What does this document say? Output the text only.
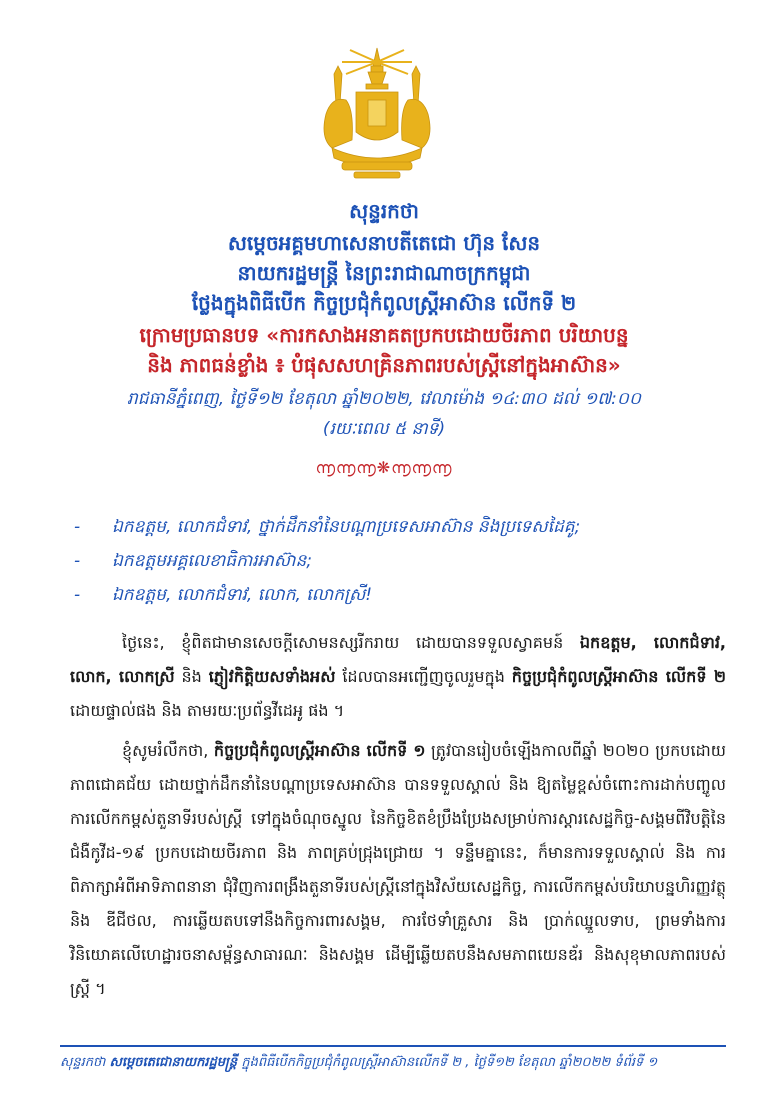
សុន្ទរកថា
សម្តេចអគ្គមហាសេនាបតីតេជោ ហ៊ុន សែន
នាយករដ្ឋមន្ត្រី នៃព្រះរាជាណាចក្រកម្ពុជា
ថ្លែងក្នុងពិធីបើក កិច្ចប្រជុំកំពូលស្ត្រីអាស៊ាន លើកទី ២
ក្រោមប្រធានបទ «ការកសាងអនាគតប្រកបដោយចីរភាព បរិយាបន្ន
និង ភាពធន់ខ្លាំង ៖ បំផុសសហគ្រិនភាពរបស់ស្ត្រីនៅក្នុងអាស៊ាន»
រាជធានីភ្នំពេញ, ថ្ងៃទី១២ ខែតុលា ឆ្នាំ២០២២, វេលាម៉ោង ១៤:៣០ ដល់ ១៧:០០
(រយៈពេល ៥ នាទី)
൬൬൬❋൬൬൬
- ឯកឧត្តម, លោកជំទាវ, ថ្នាក់ដឹកនាំនៃបណ្តាប្រទេសអាស៊ាន និងប្រទេសដៃគូ;
- ឯកឧត្តមអគ្គលេខាធិការអាស៊ាន;
- ឯកឧត្តម, លោកជំទាវ, លោក, លោកស្រី!
ថ្ងៃនេះ, ខ្ញុំពិតជាមានសេចក្តីសោមនស្សរីករាយ ដោយបានទទួលស្វាគមន៍ ឯកឧត្តម, លោកជំទាវ, លោក, លោកស្រី និង ភ្ញៀវកិត្តិយសទាំងអស់ ដែលបានអញ្ជើញចូលរួមក្នុង កិច្ចប្រជុំកំពូលស្ត្រីអាស៊ាន លើកទី ២ ដោយផ្ទាល់ផង និង តាមរយៈប្រព័ន្ធវីដេអូ ផង ។
ខ្ញុំសូមរំលឹកថា, កិច្ចប្រជុំកំពូលស្ត្រីអាស៊ាន លើកទី ១ ត្រូវបានរៀបចំឡើងកាលពីឆ្នាំ ២០២០ ប្រកបដោយភាពជោគជ័យ ដោយថ្នាក់ដឹកនាំនៃបណ្តាប្រទេសអាស៊ាន បានទទួលស្គាល់ និង ឱ្យតម្លៃខ្ពស់ចំពោះការដាក់បញ្ចូលការលើកកម្ពស់តួនាទីរបស់ស្ត្រី ទៅក្នុងចំណុចស្នូល នៃកិច្ចខិតខំប្រឹងប្រែងសម្រាប់ការស្តារសេដ្ឋកិច្ច-សង្គមពីវិបត្តិនៃជំងឺកូវីដ-១៩ ប្រកបដោយចីរភាព និង ភាពគ្រប់ជ្រុងជ្រោយ ។ ទន្ទឹមគ្នានេះ, ក៏មានការទទួលស្គាល់ និង ការពិភាក្សាអំពីអាទិភាពនានា ជុំវិញការពង្រឹងតួនាទីរបស់ស្ត្រីនៅក្នុងវិស័យសេដ្ឋកិច្ច, ការលើកកម្ពស់បរិយាបន្នហិរញ្ញវត្ថុ និង ឌីជីថល, ការឆ្លើយតបទៅនឹងកិច្ចការពារសង្គម, ការថែទាំគ្រួសារ និង ប្រាក់ឈ្នួលទាប, ព្រមទាំងការវិនិយោគលើហេដ្ឋារចនាសម្ព័ន្ធសាធារណៈ និងសង្គម ដើម្បីឆ្លើយតបនឹងសមភាពយេនឌ័រ និងសុខុមាលភាពរបស់ស្ត្រី ។
សុន្ទរកថា សម្តេចតេជោនាយករដ្ឋមន្ត្រី ក្នុងពិធីបើកកិច្ចប្រជុំកំពូលស្ត្រីអាស៊ានលើកទី ២ , ថ្ងៃទី១២ ខែតុលា ឆ្នាំ២០២២ ទំព័រទី ១
